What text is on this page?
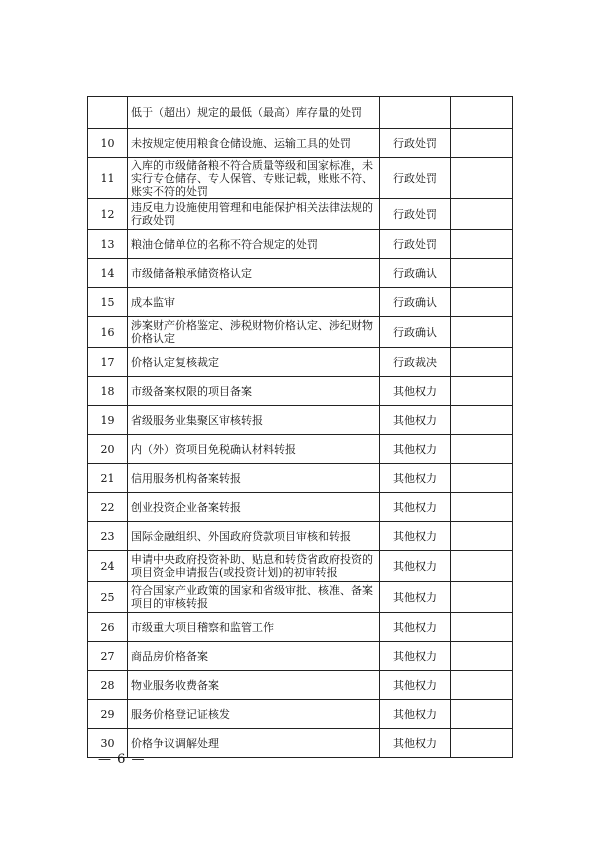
	低于（超出）规定的最低（最高）库存量的处罚		
10	未按规定使用粮食仓储设施、运输工具的处罚	行政处罚	
11	入库的市级储备粮不符合质量等级和国家标准，未实行专仓储存、专人保管、专账记载，账账不符、账实不符的处罚	行政处罚	
12	违反电力设施使用管理和电能保护相关法律法规的行政处罚	行政处罚	
13	粮油仓储单位的名称不符合规定的处罚	行政处罚	
14	市级储备粮承储资格认定	行政确认	
15	成本监审	行政确认	
16	涉案财产价格鉴定、涉税财物价格认定、涉纪财物价格认定	行政确认	
17	价格认定复核裁定	行政裁决	
18	市级备案权限的项目备案	其他权力	
19	省级服务业集聚区审核转报	其他权力	
20	内（外）资项目免税确认材料转报	其他权力	
21	信用服务机构备案转报	其他权力	
22	创业投资企业备案转报	其他权力	
23	国际金融组织、外国政府贷款项目审核和转报	其他权力	
24	申请中央政府投资补助、贴息和转贷省政府投资的项目资金申请报告(或投资计划)的初审转报	其他权力	
25	符合国家产业政策的国家和省级审批、核准、备案项目的审核转报	其他权力	
26	市级重大项目稽察和监管工作	其他权力	
27	商品房价格备案	其他权力	
28	物业服务收费备案	其他权力	
29	服务价格登记证核发	其他权力	
30	价格争议调解处理	其他权力	
— 6 —
